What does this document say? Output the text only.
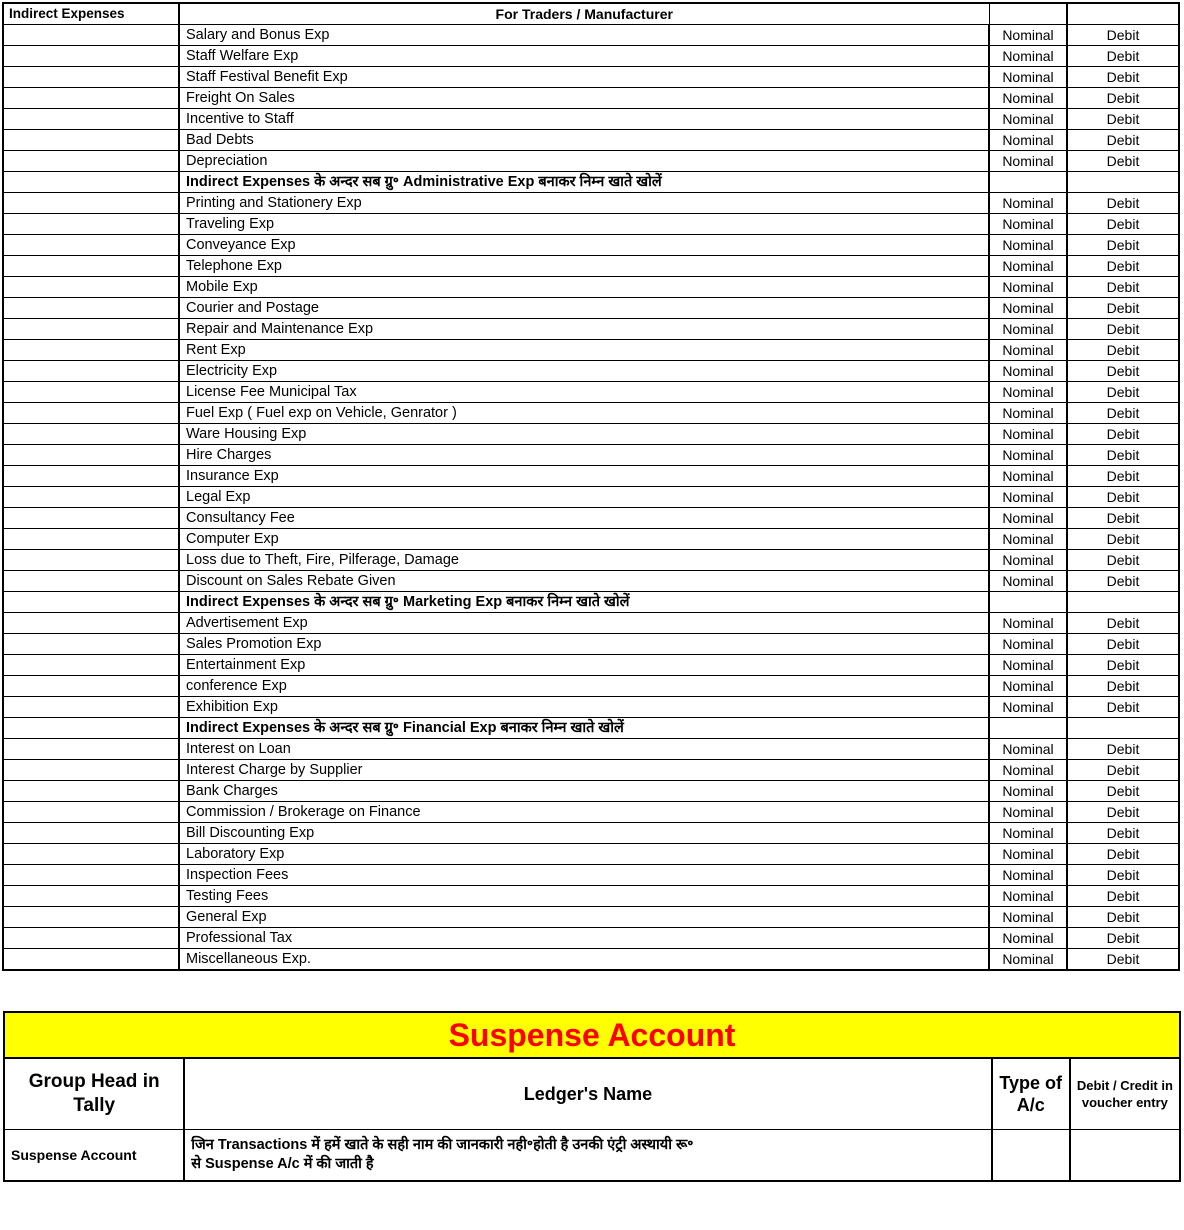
Indirect Expenses	For Traders / Manufacturer		
	Salary and Bonus Exp	Nominal	Debit
	Staff Welfare Exp	Nominal	Debit
	Staff Festival Benefit Exp	Nominal	Debit
	Freight On Sales	Nominal	Debit
	Incentive to Staff	Nominal	Debit
	Bad Debts	Nominal	Debit
	Depreciation	Nominal	Debit
	Indirect Expenses के अन्दर सब ग्रु॰ Administrative Exp बनाकर निम्न खाते खोलें		
	Printing and Stationery Exp	Nominal	Debit
	Traveling Exp	Nominal	Debit
	Conveyance Exp	Nominal	Debit
	Telephone Exp	Nominal	Debit
	Mobile Exp	Nominal	Debit
	Courier and Postage	Nominal	Debit
	Repair and Maintenance Exp	Nominal	Debit
	Rent Exp	Nominal	Debit
	Electricity Exp	Nominal	Debit
	License Fee Municipal Tax	Nominal	Debit
	Fuel Exp ( Fuel exp on Vehicle, Genrator )	Nominal	Debit
	Ware Housing Exp	Nominal	Debit
	Hire Charges	Nominal	Debit
	Insurance Exp	Nominal	Debit
	Legal Exp	Nominal	Debit
	Consultancy Fee	Nominal	Debit
	Computer Exp	Nominal	Debit
	Loss due to Theft, Fire, Pilferage, Damage	Nominal	Debit
	Discount on Sales Rebate Given	Nominal	Debit
	Indirect Expenses के अन्दर सब ग्रु॰ Marketing Exp बनाकर निम्न खाते खोलें		
	Advertisement Exp	Nominal	Debit
	Sales Promotion Exp	Nominal	Debit
	Entertainment Exp	Nominal	Debit
	conference Exp	Nominal	Debit
	Exhibition Exp	Nominal	Debit
	Indirect Expenses के अन्दर सब ग्रु॰ Financial Exp बनाकर निम्न खाते खोलें		
	Interest on Loan	Nominal	Debit
	Interest Charge by Supplier	Nominal	Debit
	Bank Charges	Nominal	Debit
	Commission / Brokerage on Finance	Nominal	Debit
	Bill Discounting Exp	Nominal	Debit
	Laboratory Exp	Nominal	Debit
	Inspection Fees	Nominal	Debit
	Testing Fees	Nominal	Debit
	General Exp	Nominal	Debit
	Professional Tax	Nominal	Debit
	Miscellaneous Exp.	Nominal	Debit
Suspense Account			
Group Head in Tally	Ledger's Name	Type of A/c	Debit / Credit in voucher entry
Suspense Account	जिन Transactions में हमें खाते के सही नाम की जानकारी नही॰होती है उनकी एंट्री अस्थायी रू॰
से Suspense A/c में की जाती है		
